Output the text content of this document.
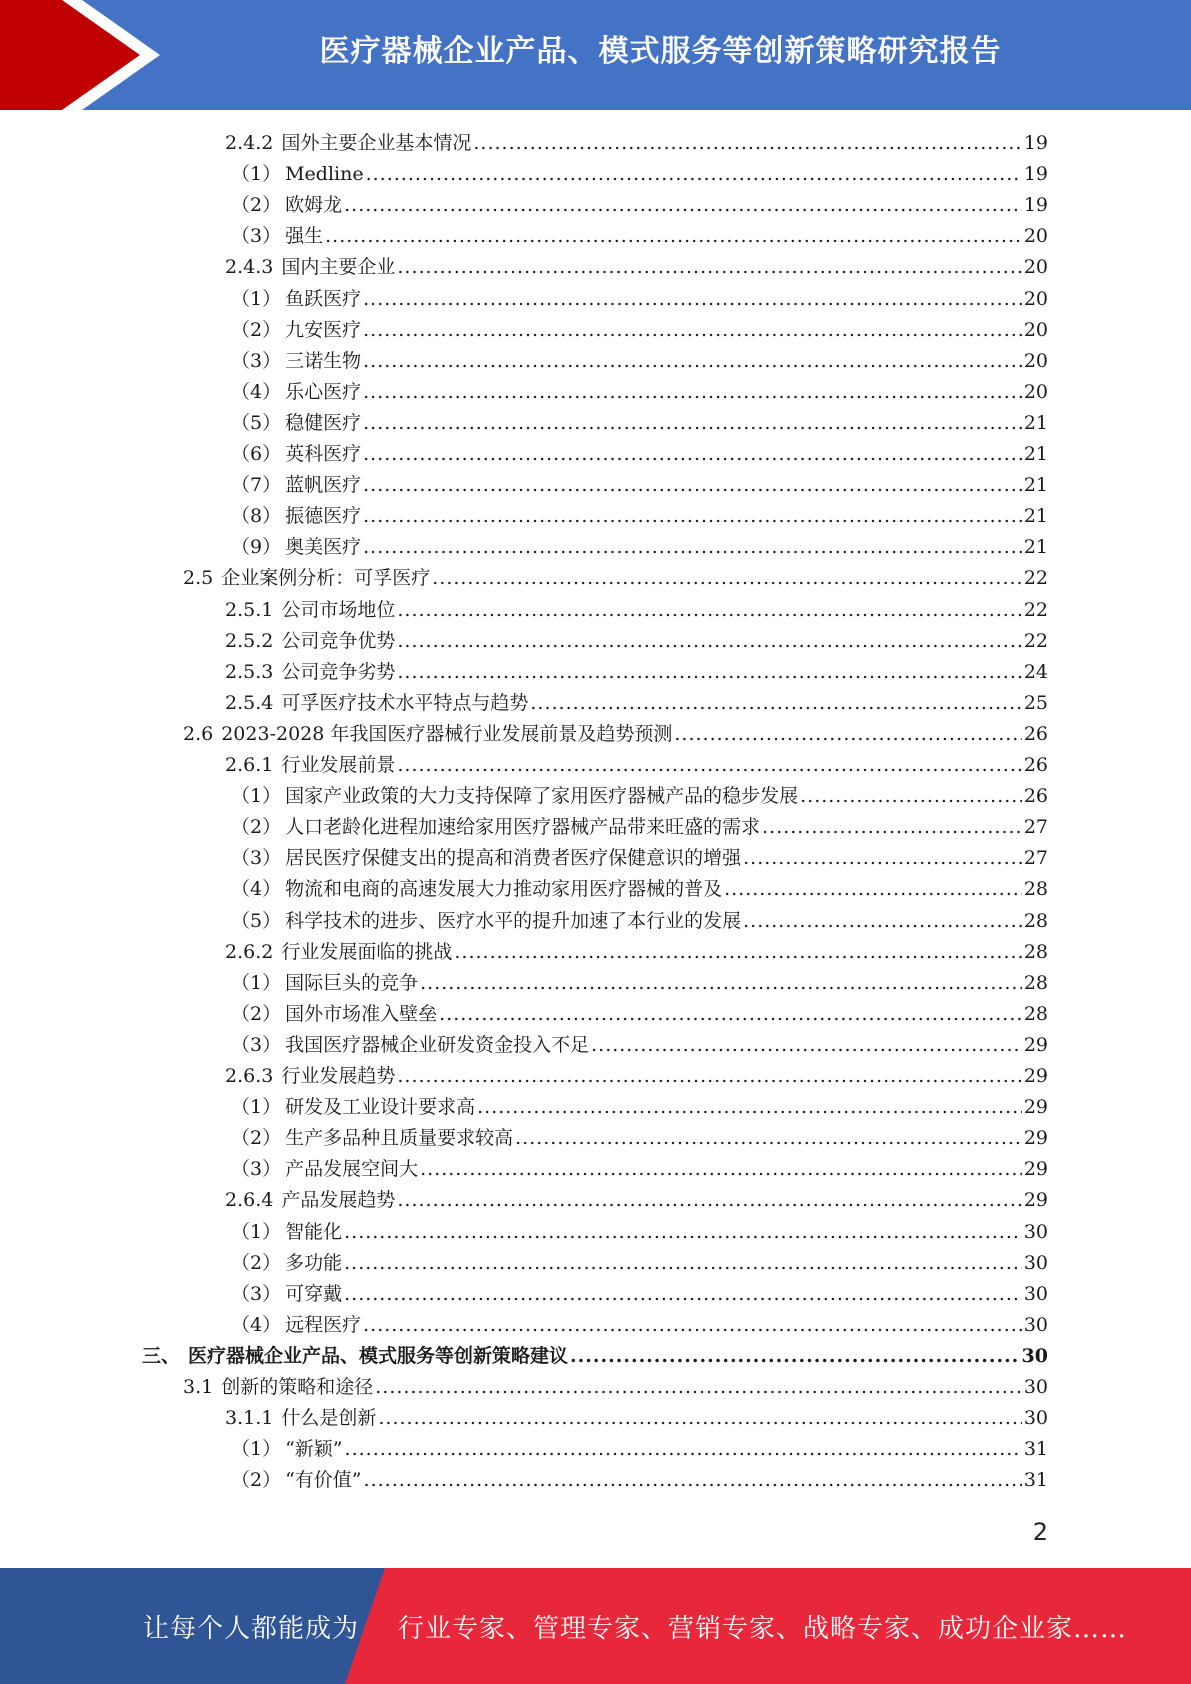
医疗器械企业产品、模式服务等创新策略研究报告
2.4.2 国外主要企业基本情况 .....	19
（1） Medline .....	19
（2） 欧姆龙 .....	19
（3） 强生 .....	20
2.4.3 国内主要企业 .....	20
（1） 鱼跃医疗 .....	20
（2） 九安医疗 .....	20
（3） 三诺生物 .....	20
（4） 乐心医疗 .....	20
（5） 稳健医疗 .....	21
（6） 英科医疗 .....	21
（7） 蓝帆医疗 .....	21
（8） 振德医疗 .....	21
（9） 奥美医疗 .....	21
2.5 企业案例分析：可孚医疗 .....	22
2.5.1 公司市场地位 .....	22
2.5.2 公司竞争优势 .....	22
2.5.3 公司竞争劣势 .....	24
2.5.4 可孚医疗技术水平特点与趋势 .....	25
2.6 2023-2028 年我国医疗器械行业发展前景及趋势预测 .....	26
2.6.1 行业发展前景 .....	26
（1） 国家产业政策的大力支持保障了家用医疗器械产品的稳步发展 .....	26
（2） 人口老龄化进程加速给家用医疗器械产品带来旺盛的需求 .....	27
（3） 居民医疗保健支出的提高和消费者医疗保健意识的增强 .....	27
（4） 物流和电商的高速发展大力推动家用医疗器械的普及 .....	28
（5） 科学技术的进步、医疗水平的提升加速了本行业的发展 .....	28
2.6.2 行业发展面临的挑战 .....	28
（1） 国际巨头的竞争 .....	28
（2） 国外市场准入壁垒 .....	28
（3） 我国医疗器械企业研发资金投入不足 .....	29
2.6.3 行业发展趋势 .....	29
（1） 研发及工业设计要求高 .....	29
（2） 生产多品种且质量要求较高 .....	29
（3） 产品发展空间大 .....	29
2.6.4 产品发展趋势 .....	29
（1） 智能化 .....	30
（2） 多功能 .....	30
（3） 可穿戴 .....	30
（4） 远程医疗 .....	30
三、 医疗器械企业产品、模式服务等创新策略建议 .....	30
3.1 创新的策略和途径 .....	30
3.1.1 什么是创新 .....	30
（1） “新颖” .....	31
（2） “有价值” .....	31
2
让每个人都能成为 行业专家、管理专家、营销专家、战略专家、成功企业家……
